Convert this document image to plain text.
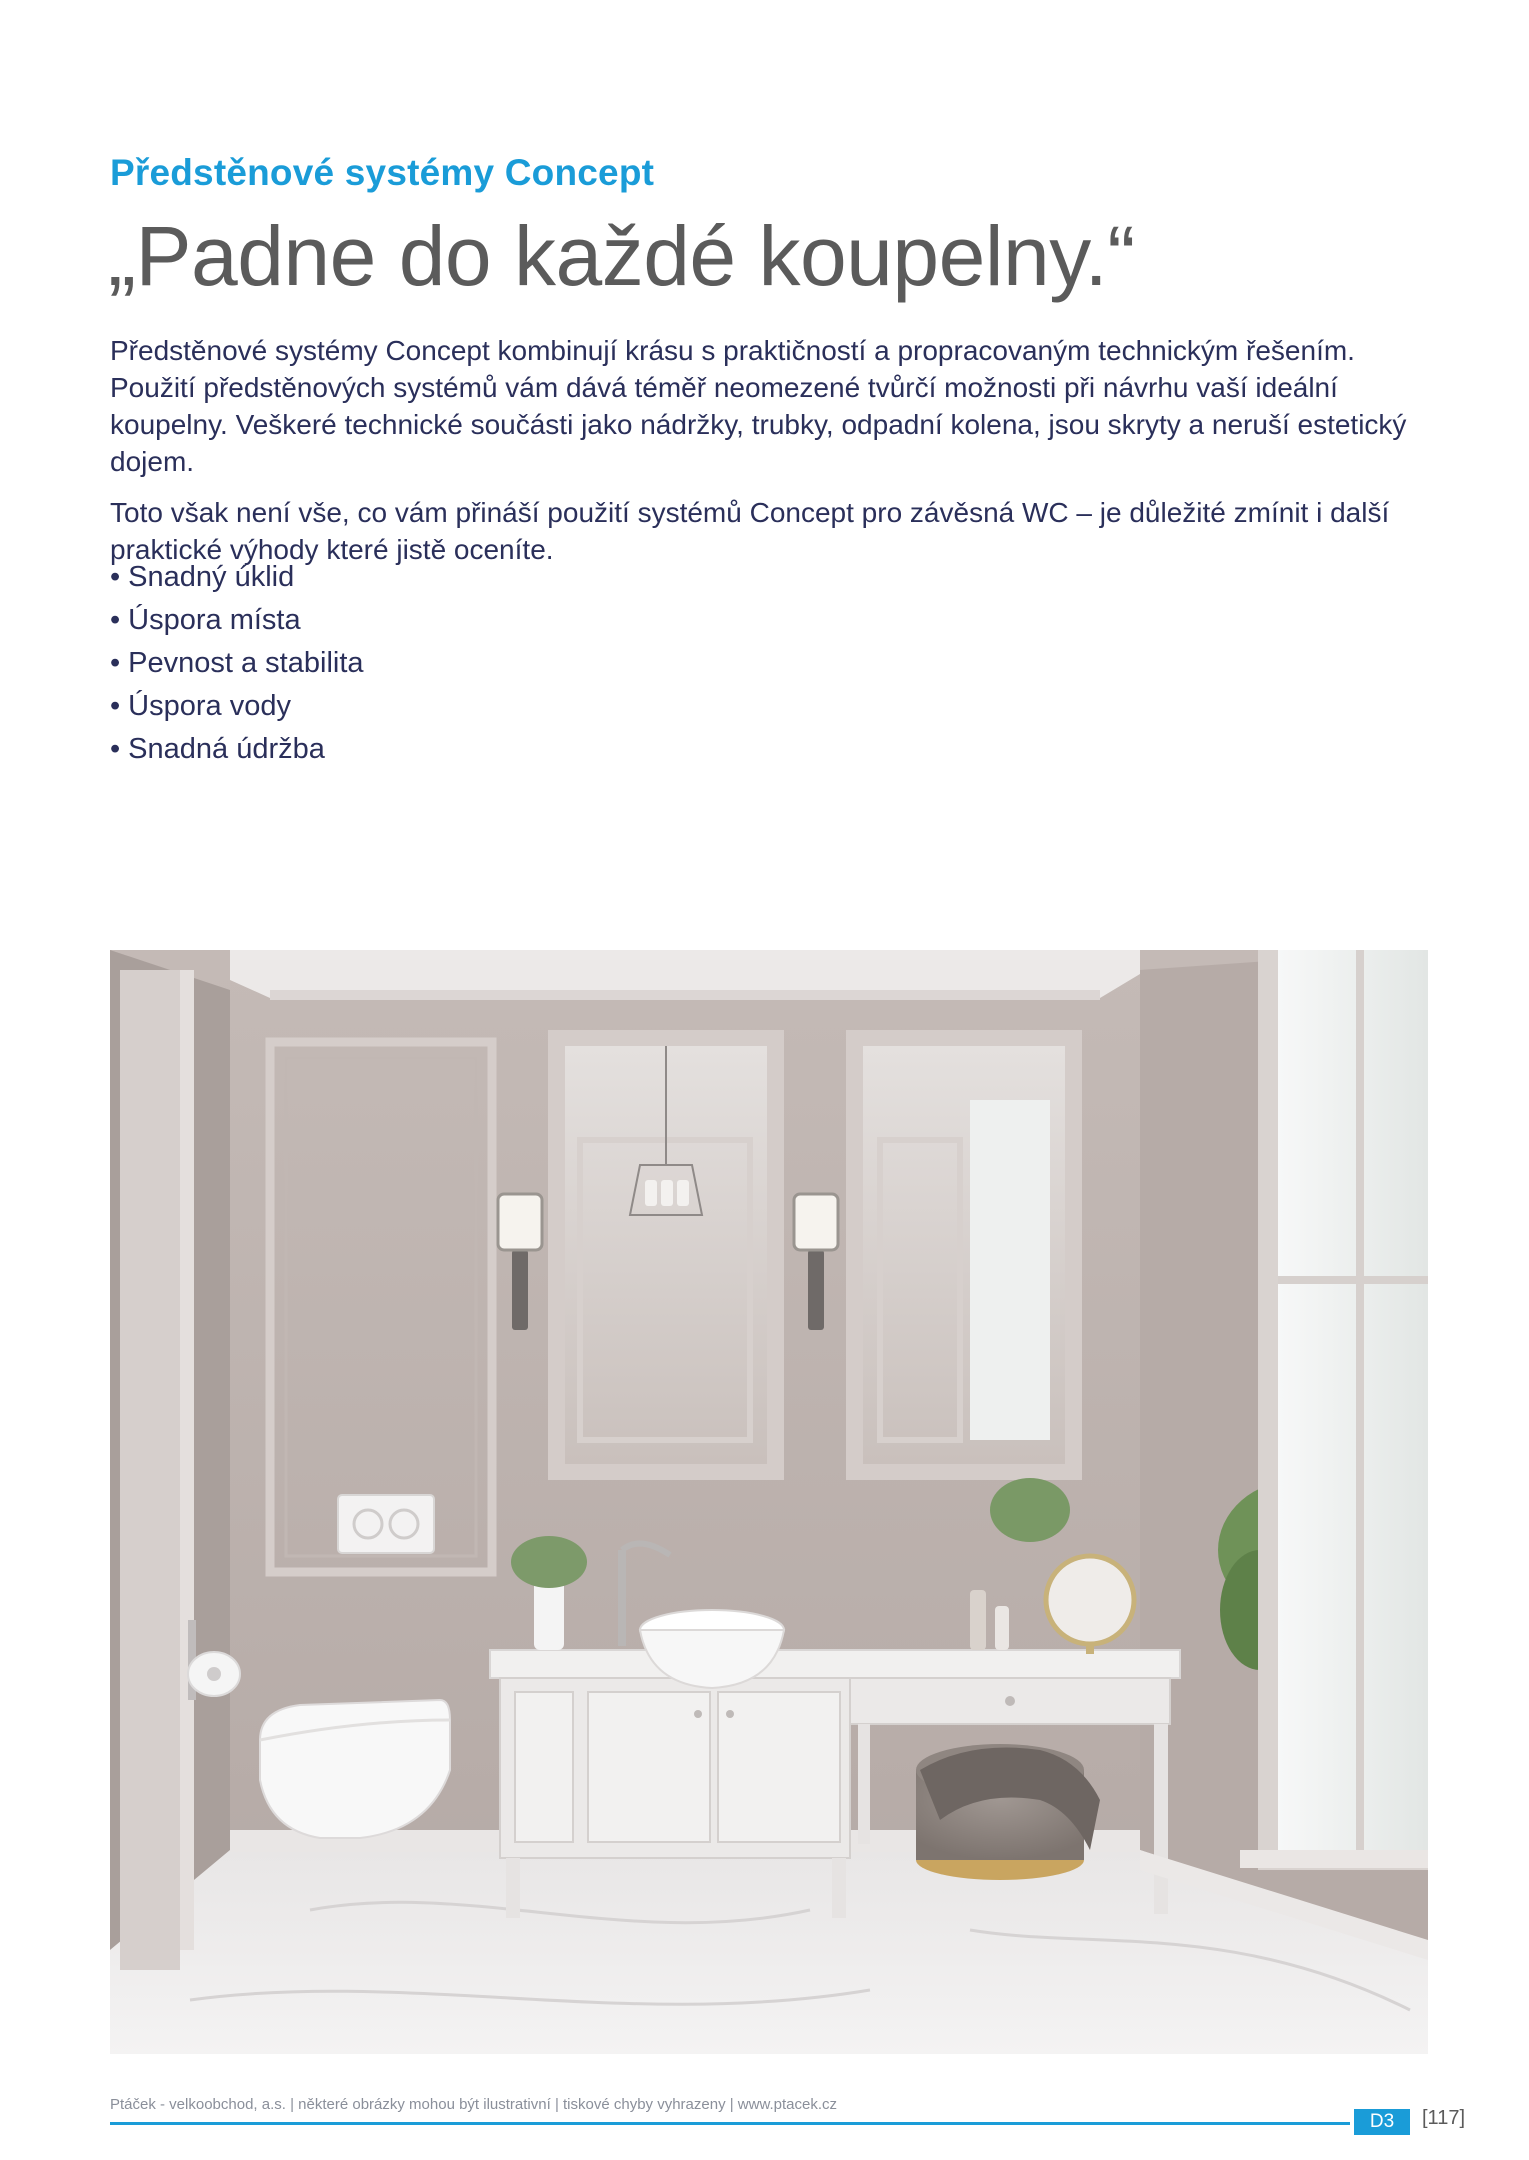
Předstěnové systémy Concept
„Padne do každé koupelny.“

Předstěnové systémy Concept kombinují krásu s praktičností a propracovaným technickým řešením. Použití předstěnových systémů vám dává téměř neomezené tvůrčí možnosti při návrhu vaší ideální koupelny. Veškeré technické součásti jako nádržky, trubky, odpadní kolena, jsou skryty a neruší estetický dojem.

Toto však není vše, co vám přináší použití systémů Concept pro závěsná WC – je důležité zmínit i další praktické výhody které jistě oceníte.

• Snadný úklid
• Úspora místa
• Pevnost a stabilita
• Úspora vody
• Snadná údržba
Ptáček - velkoobchod, a.s. | některé obrázky mohou být ilustrativní | tiskové chyby vyhrazeny | www.ptacek.cz
D3	[117]
